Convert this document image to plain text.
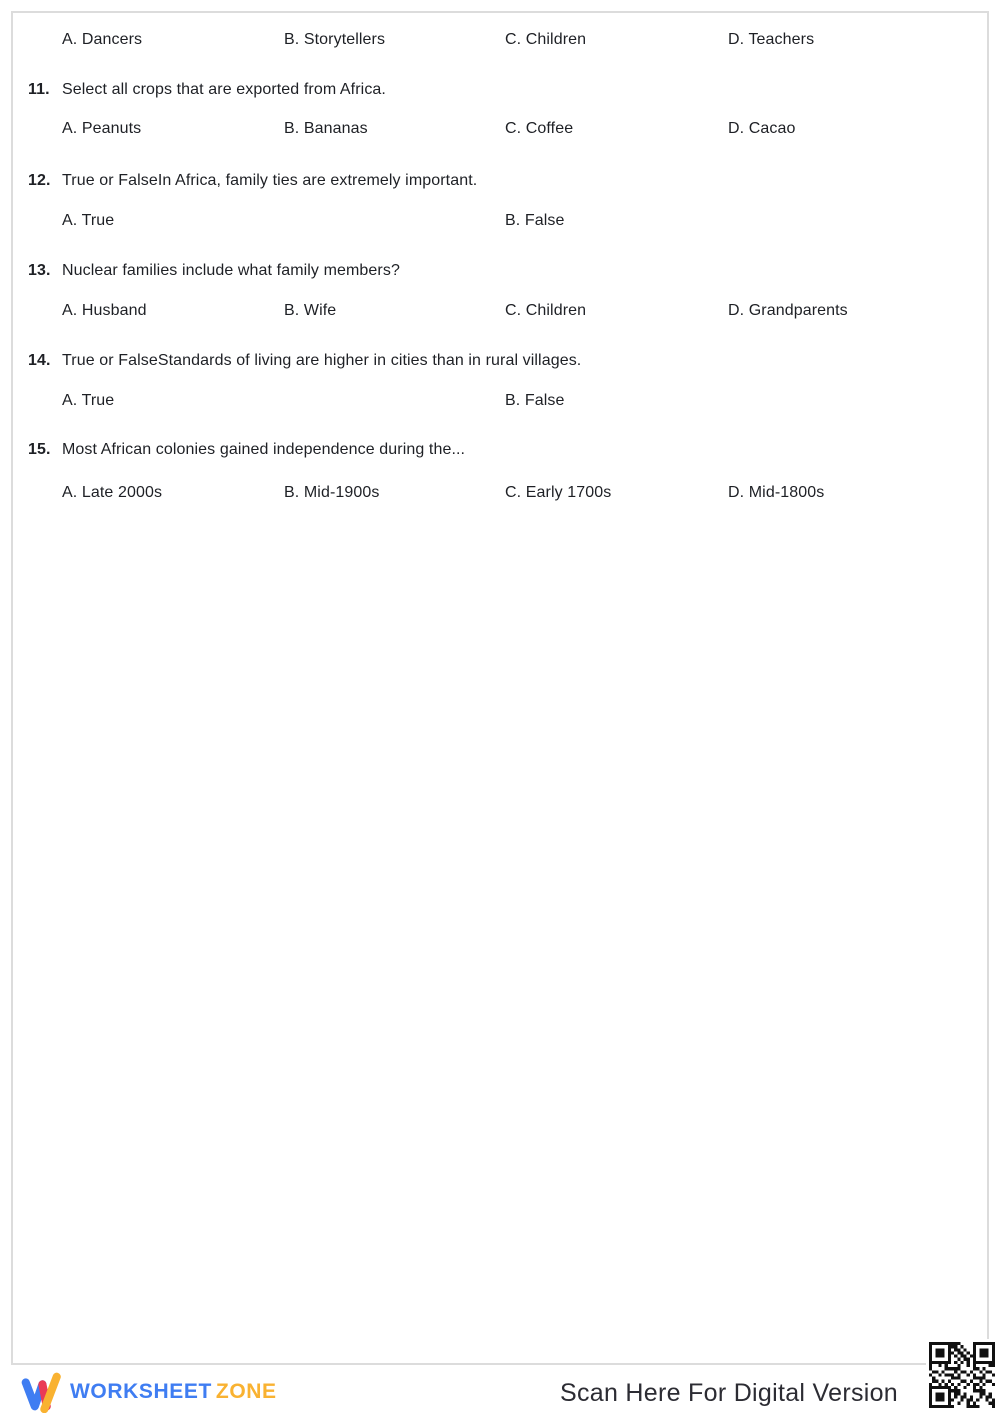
A. Dancers	B. Storytellers	C. Children	D. Teachers
11. Select all crops that are exported from Africa.
A. Peanuts	B. Bananas	C. Coffee	D. Cacao
12. True or FalseIn Africa, family ties are extremely important.
A. True	B. False
13. Nuclear families include what family members?
A. Husband	B. Wife	C. Children	D. Grandparents
14. True or FalseStandards of living are higher in cities than in rural villages.
A. True	B. False
15. Most African colonies gained independence during the...
A. Late 2000s	B. Mid-1900s	C. Early 1700s	D. Mid-1800s
WORKSHEET ZONE	Scan Here For Digital Version
